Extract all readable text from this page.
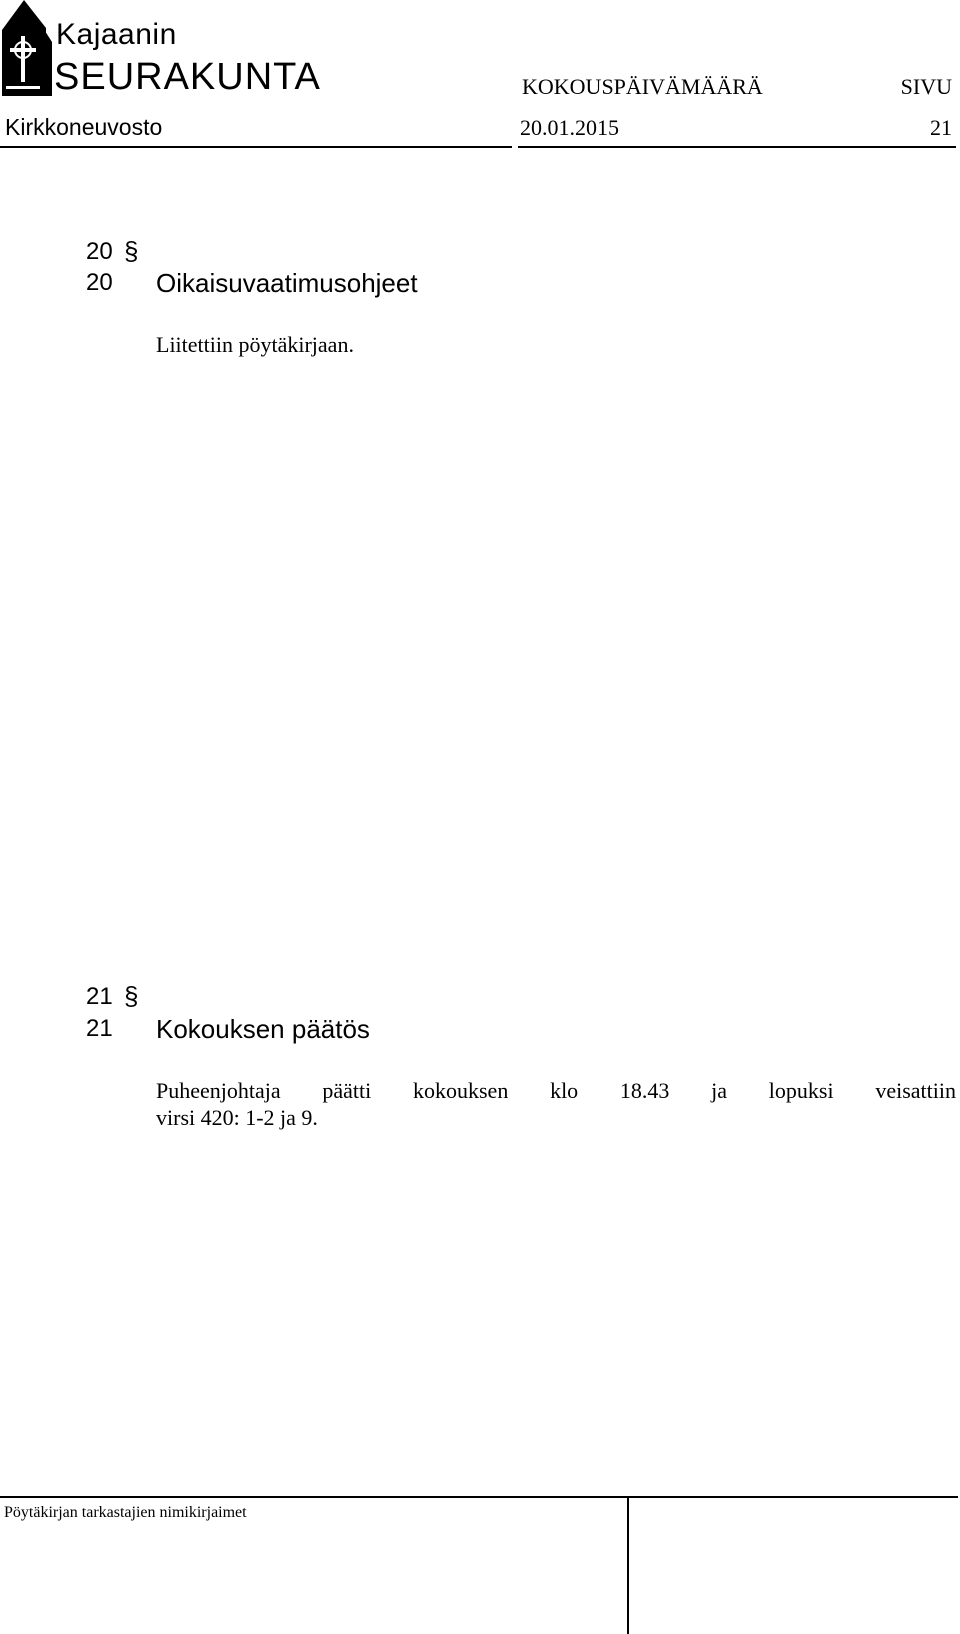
Kajaanin
SEURAKUNTA	KOKOUSPÄIVÄMÄÄRÄ	SIVU
Kirkkoneuvosto	20.01.2015	21
20 §
20 Oikaisuvaatimusohjeet
Liitettiin pöytäkirjaan.
21 §
21 Kokouksen päätös
Puheenjohtaja päätti kokouksen klo 18.43 ja lopuksi veisattiin
virsi 420: 1-2 ja 9.
Pöytäkirjan tarkastajien nimikirjaimet
